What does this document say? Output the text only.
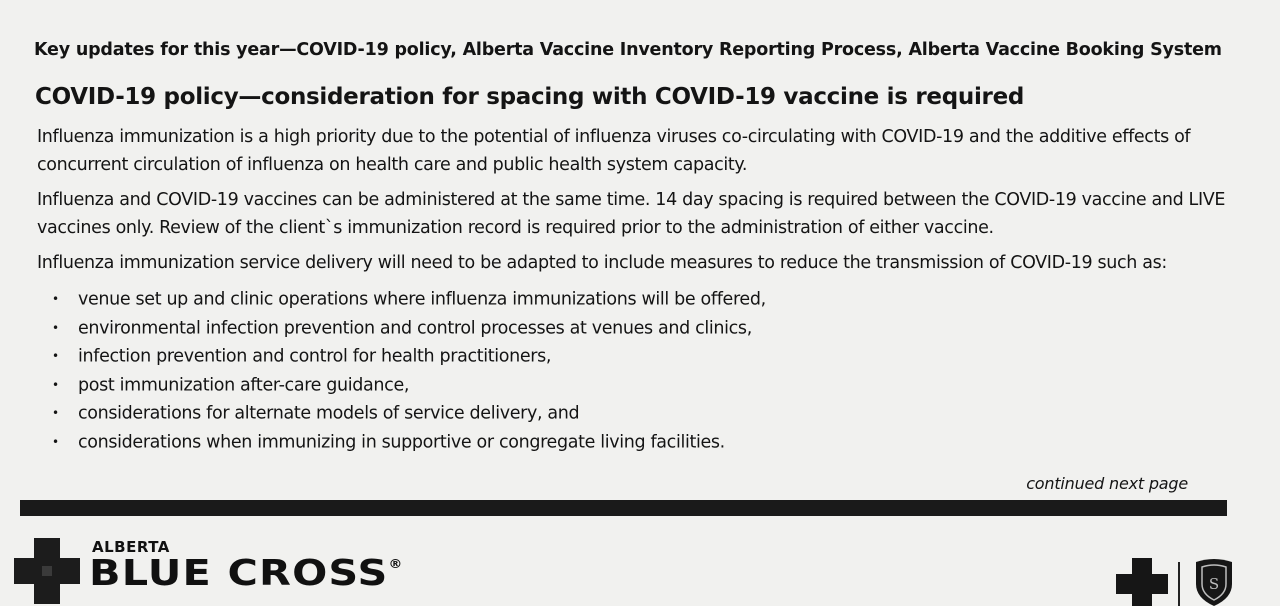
Key updates for this year—COVID-19 policy, Alberta Vaccine Inventory Reporting Process, Alberta Vaccine Booking System
COVID-19 policy—consideration for spacing with COVID-19 vaccine is required
Influenza immunization is a high priority due to the potential of influenza viruses co-circulating with COVID-19 and the additive effects of concurrent circulation of influenza on health care and public health system capacity.
Influenza and COVID-19 vaccines can be administered at the same time. 14 day spacing is required between the COVID-19 vaccine and LIVE vaccines only. Review of the client`s immunization record is required prior to the administration of either vaccine.
Influenza immunization service delivery will need to be adapted to include measures to reduce the transmission of COVID-19 such as:
• venue set up and clinic operations where influenza immunizations will be offered,
• environmental infection prevention and control processes at venues and clinics,
• infection prevention and control for health practitioners,
• post immunization after-care guidance,
• considerations for alternate models of service delivery, and
• considerations when immunizing in supportive or congregate living facilities.
continued next page
ALBERTA
BLUE CROSS®
S
